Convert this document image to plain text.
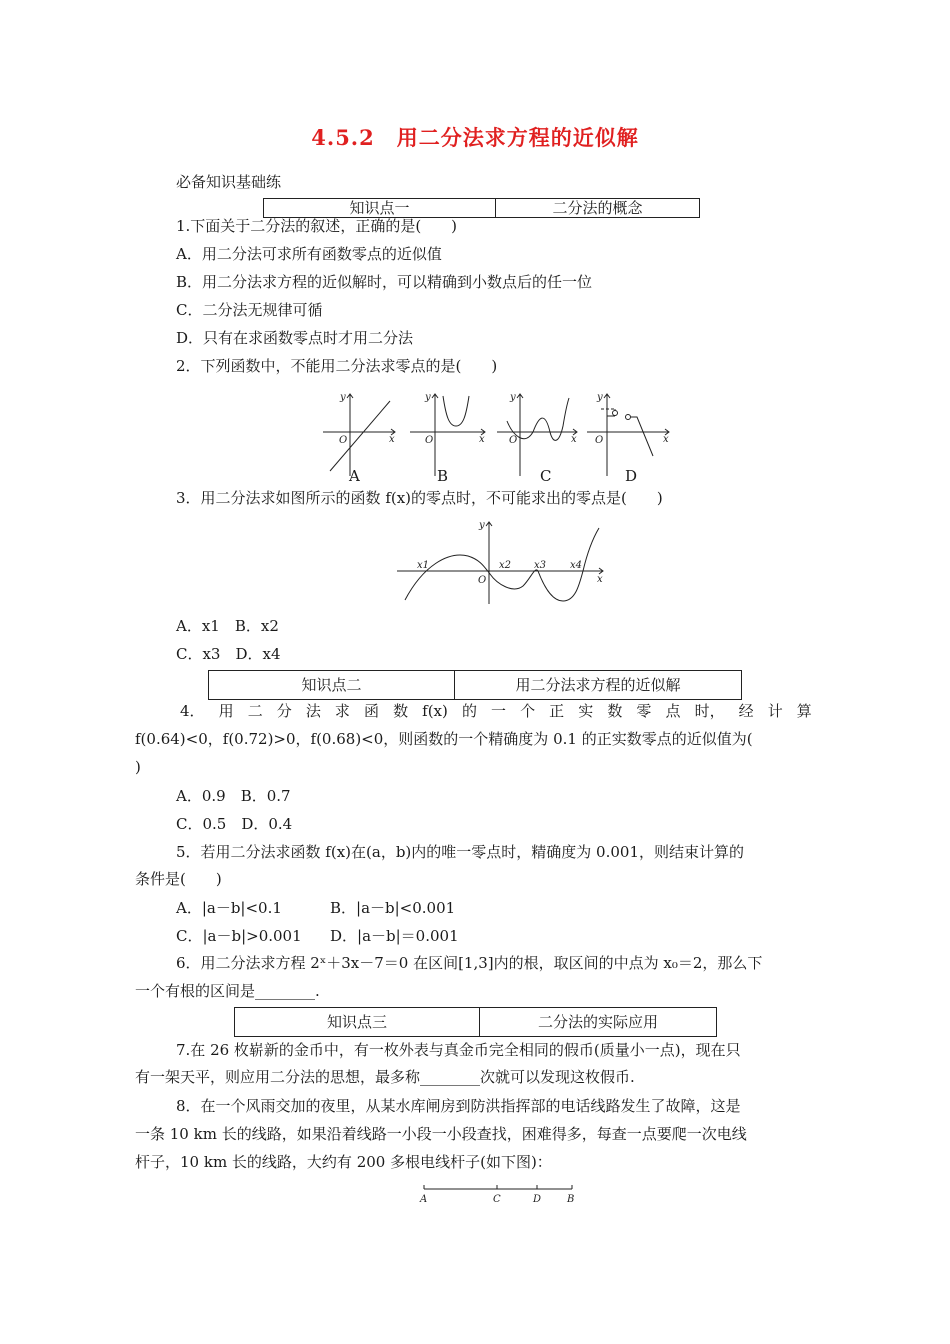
4.5.2　用二分法求方程的近似解
必备知识基础练
知识点一	二分法的概念
1.下面关于二分法的叙述，正确的是(　　)
A．用二分法可求所有函数零点的近似值
B．用二分法求方程的近似解时，可以精确到小数点后的任一位
C．二分法无规律可循
D．只有在求函数零点时才用二分法
2．下列函数中，不能用二分法求零点的是(　　)
y
x
O
y
x
O
y
x
O
y
x
O
A	B	C	D
3．用二分法求如图所示的函数 f(x)的零点时，不可能求出的零点是(　　)
y
x
O
x1	x2 x3 x4
A．x1　B．x2
C．x3　D．x4
知识点二	用二分法求方程的近似解
4． 用 二 分 法 求 函 数 f(x) 的 一 个 正 实 数 零 点 时， 经 计 算
f(0.64)<0，f(0.72)>0，f(0.68)<0，则函数的一个精确度为 0.1 的正实数零点的近似值为(
)
A．0.9　B．0.7
C．0.5　D．0.4
5．若用二分法求函数 f(x)在(a，b)内的唯一零点时，精确度为 0.001，则结束计算的
条件是(　　)
A．|a－b|<0.1	B．|a－b|<0.001
C．|a－b|>0.001 D．|a－b|＝0.001
6．用二分法求方程 2ˣ＋3x－7＝0 在区间[1,3]内的根，取区间的中点为 x₀＝2，那么下
一个有根的区间是________.
知识点三	二分法的实际应用
7.在 26 枚崭新的金币中，有一枚外表与真金币完全相同的假币(质量小一点)，现在只
有一架天平，则应用二分法的思想，最多称________次就可以发现这枚假币.
8．在一个风雨交加的夜里，从某水库闸房到防洪指挥部的电话线路发生了故障，这是
一条 10 km 长的线路，如果沿着线路一小段一小段查找，困难得多，每查一点要爬一次电线
杆子，10 km 长的线路，大约有 200 多根电线杆子(如下图)：
A	C	D	B
